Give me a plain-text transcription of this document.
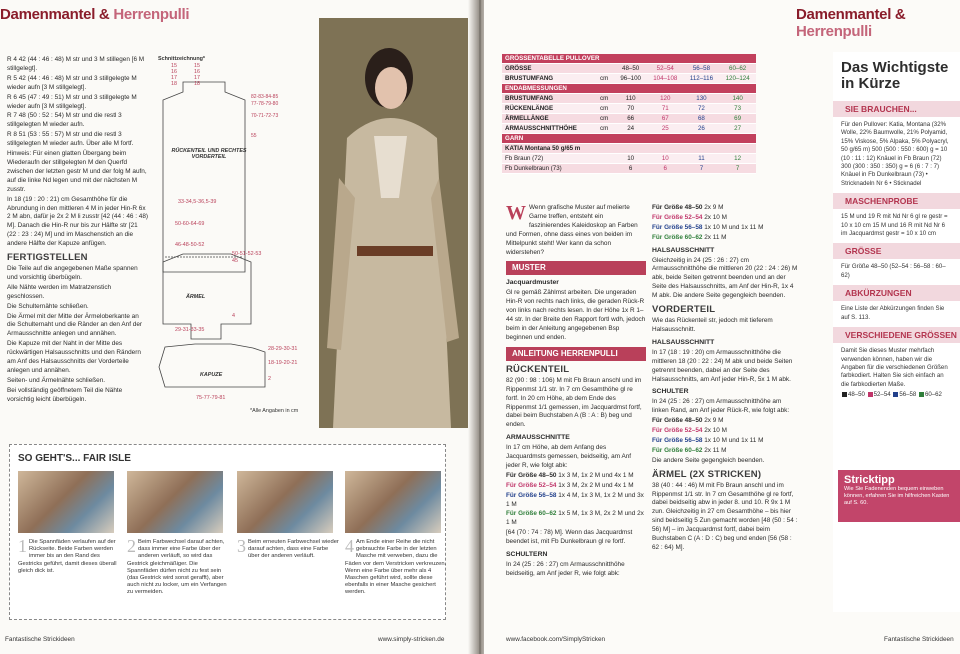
Damenmantel & Herrenpulli

R 4 42 (44 : 46 : 48) M str und 3 M stillegen [6 M stillgelegt].

R 5 42 (44 : 46 : 48) M str und 3 stillgelegte M wieder aufn [3 M stillgelegt].

R 6 45 (47 : 49 : 51) M str und 3 stillgelegte M wieder aufn [3 M stillgelegt].

R 7 48 (50 : 52 : 54) M str und die restl 3 stillgelegten M wieder aufn.

R 8 51 (53 : 55 : 57) M str und die restl 3 stillgelegten M wieder aufn. Über alle M fortf.

Hinweis: Für einen glatten Übergang beim Wiederaufn der stillgelegten M den Querfd zwischen der letzten gestr M und der folg M aufn, auf die linke Nd legen und mit der nächsten M zusstr.

In 18 (19 : 20 : 21) cm Gesamthöhe für die Abrundung in den mittleren 4 M in jeder Hin-R 6x 2 M abn, dafür je 2x 2 M li zusstr [42 (44 : 46 : 48) M]. Danach die Hin-R nur bis zur Hälfte str [21 (22 : 23 : 24) M] und im Maschenstich an die andere Hälfte der Kapuze anfügen.

FERTIGSTELLEN

Die Teile auf die angegebenen Maße spannen und vorsichtig überbügeln.

Alle Nähte werden im Matratzenstich geschlossen.

Die Schulternähte schließen.

Die Ärmel mit der Mitte der Ärmeloberkante an die Schulternaht und die Ränder an den Anf der Armausschnitte anlegen und annähen.

Die Kapuze mit der Naht in der Mitte des rückwärtigen Halsausschnitts und den Rändern am Anf des Halsausschnitts der Vorderteile anlegen und annähen.

Seiten- und Ärmelnähte schließen.

Bei vollständig geöffnetem Teil die Nähte vorsichtig leicht überbügeln.

Schnittzeichnung*
82-83-84-85
77-78-79-80
70-71-72-73
55
15
16
17
18
15
16
17
18
RÜCKENTEIL UND RECHTES VORDERTEIL
33-34,5-36,5-39
50-60-64-69
46-48-50-52
50-51-52-53
45
ÄRMEL
4
29-31-33-35
KAPUZE
28-29-30-31
18-19-20-21
2
75-77-79-81
*Alle Angaben in cm
SO GEHT'S... FAIR ISLE
1 Die Spannfäden verlaufen auf der Rückseite. Beide Farben werden immer bis an den Rand des Gestricks geführt, damit dieses überall gleich dick ist.
2 Beim Farbwechsel darauf achten, dass immer eine Farbe über der anderen verläuft, so wird das Gestrick gleichmäßiger. Die Spannfäden dürfen nicht zu fest sein (das Gestrick wird sonst gerafft), aber auch nicht zu locker, um ein Verfangen zu vermeiden.
3 Beim erneuten Farbwechsel wieder darauf achten, dass eine Farbe über der anderen verläuft.
4 Am Ende einer Reihe die nicht gebrauchte Farbe in der letzten Masche mit verweben, dazu die Fäden vor dem Verstricken verkreuzen. Wenn eine Farbe über mehr als 4 Maschen geführt wird, sollte diese ebenfalls in einer Masche gesichert werden.
Fantastische Strickideen	www.simply-stricken.de
Damenmantel & Herrenpulli
GRÖSSENTABELLE PULLOVER					
GRÖSSE		48–50	52–54	56–58	60–62
BRUSTUMFANG	cm	96–100	104–108	112–116	120–124
ENDABMESSUNGEN					
BRUSTUMFANG	cm	110	120	130	140
RÜCKENLÄNGE	cm	70	71	72	73
ÄRMELLÄNGE	cm	66	67	68	69
ARMAUSSCHNITTHÖHE	cm	24	25	26	27
GARN					
KATIA Montana 50 g/65 m					
Fb Braun (72)		10	10	11	12
Fb Dunkelbraun (73)		6	6	7	7

W Wenn grafische Muster auf melierte Garne treffen, entsteht ein faszinierendes Kaleidoskop an Farben und Formen, ohne dass eines von beiden im Mittelpunkt steht! Wer kann da schon widerstehen?

MUSTER

Jacquardmuster

Gl re gemäß Zählmst arbeiten. Die ungeraden Hin-R von rechts nach links, die geraden Rück-R von links nach rechts lesen. In der Höhe 1x R 1–44 str. In der Breite den Rapport fortl wdh, jedoch beim in der Anleitung angegebenen Bsp beginnen und enden.

ANLEITUNG HERRENPULLI
RÜCKENTEIL

82 (90 : 98 : 106) M mit Fb Braun anschl und im Rippenmst 1/1 str. In 7 cm Gesamthöhe gl re fortf. In 20 cm Höhe, ab dem Ende des Rippenmst 1/1 gemessen, im Jacquardmst fortf, dabei beim Buchstaben A (B : A : B) beg und enden.

ARMAUSSCHNITTE

In 17 cm Höhe, ab dem Anfang des Jacquardmsts gemessen, beidseitig, am Anf jeder R, wie folgt abk:

Für Größe 48–50 1x 3 M, 1x 2 M und 4x 1 M

Für Größe 52–54 1x 3 M, 2x 2 M und 4x 1 M

Für Größe 56–58 1x 4 M, 1x 3 M, 1x 2 M und 3x 1 M

Für Größe 60–62 1x 5 M, 1x 3 M, 2x 2 M und 2x 1 M

[64 (70 : 74 : 78) M]. Wenn das Jacquardmst beendet ist, mit Fb Dunkelbraun gl re fortf.

SCHULTERN

In 24 (25 : 26 : 27) cm Armausschnitthöhe beidseitig, am Anf jeder R, wie folgt abk:

Für Größe 48–50 2x 9 M

Für Größe 52–54 2x 10 M

Für Größe 56–58 1x 10 M und 1x 11 M

Für Größe 60–62 2x 11 M

HALSAUSSCHNITT

Gleichzeitig in 24 (25 : 26 : 27) cm Armausschnitthöhe die mittleren 20 (22 : 24 : 26) M abk, beide Seiten getrennt beenden und an der Seite des Halsausschnitts, am Anf der Hin-R, 1x 4 M abk. Die andere Seite gegengleich beenden.

VORDERTEIL

Wie das Rückenteil str, jedoch mit tieferem Halsausschnitt.

HALSAUSSCHNITT

In 17 (18 : 19 : 20) cm Armausschnitthöhe die mittleren 18 (20 : 22 : 24) M abk und beide Seiten getrennt beenden, dabei an der Seite des Halsausschnitts, am Anf jeder Hin-R, 5x 1 M abk.

SCHULTER

In 24 (25 : 26 : 27) cm Armausschnitthöhe am linken Rand, am Anf jeder Rück-R, wie folgt abk:

Für Größe 48–50 2x 9 M

Für Größe 52–54 2x 10 M

Für Größe 56–58 1x 10 M und 1x 11 M

Für Größe 60–62 2x 11 M

Die andere Seite gegengleich beenden.

ÄRMEL (2X STRICKEN)

38 (40 : 44 : 46) M mit Fb Braun anschl und im Rippenmst 1/1 str. In 7 cm Gesamthöhe gl re fortf, dabei beidseitig abw in jeder 8. und 10. R 9x 1 M zun. Gleichzeitig in 27 cm Gesamthöhe – bis hier sind beidseitig 5 Zun gemacht worden [48 (50 : 54 : 56) M] – im Jacquardmst fortf, dabei beim Buchstaben C (A : D : C) beg und enden [56 (58 : 62 : 64) M].

www.facebook.com/SimplyStricken	Fantastische Strickideen
Das Wichtigste in Kürze
SIE BRAUCHEN...
Für den Pullover: Katia, Montana (32% Wolle, 22% Baumwolle, 21% Polyamid, 15% Viskose, 5% Alpaka, 5% Polyacryl, 50 g/65 m) 500 (500 : 550 : 600) g = 10 (10 : 11 : 12) Knäuel in Fb Braun (72) 300 (300 : 350 : 350) g = 6 (6 : 7 : 7) Knäuel in Fb Dunkelbraun (73) • Stricknadeln Nr 6 • Sticknadel
MASCHENPROBE
15 M und 19 R mit Nd Nr 6 gl re gestr = 10 x 10 cm 15 M und 16 R mit Nd Nr 6 im Jacquardmst gestr = 10 x 10 cm
GRÖSSE
Für Größe 48–50 (52–54 : 56–58 : 60–62)
ABKÜRZUNGEN
Eine Liste der Abkürzungen finden Sie auf S. 113.
VERSCHIEDENE GRÖSSEN
Damit Sie dieses Muster mehrfach verwenden können, haben wir die Angaben für die verschiedenen Größen farbkodiert. Halten Sie sich einfach an die farbkodierten Maße.
48–50 52–54 56–58 60–62
Stricktipp
Wie Sie Fadenenden bequem einweben können, erfahren Sie im hilfreichen Kasten auf S. 60.
